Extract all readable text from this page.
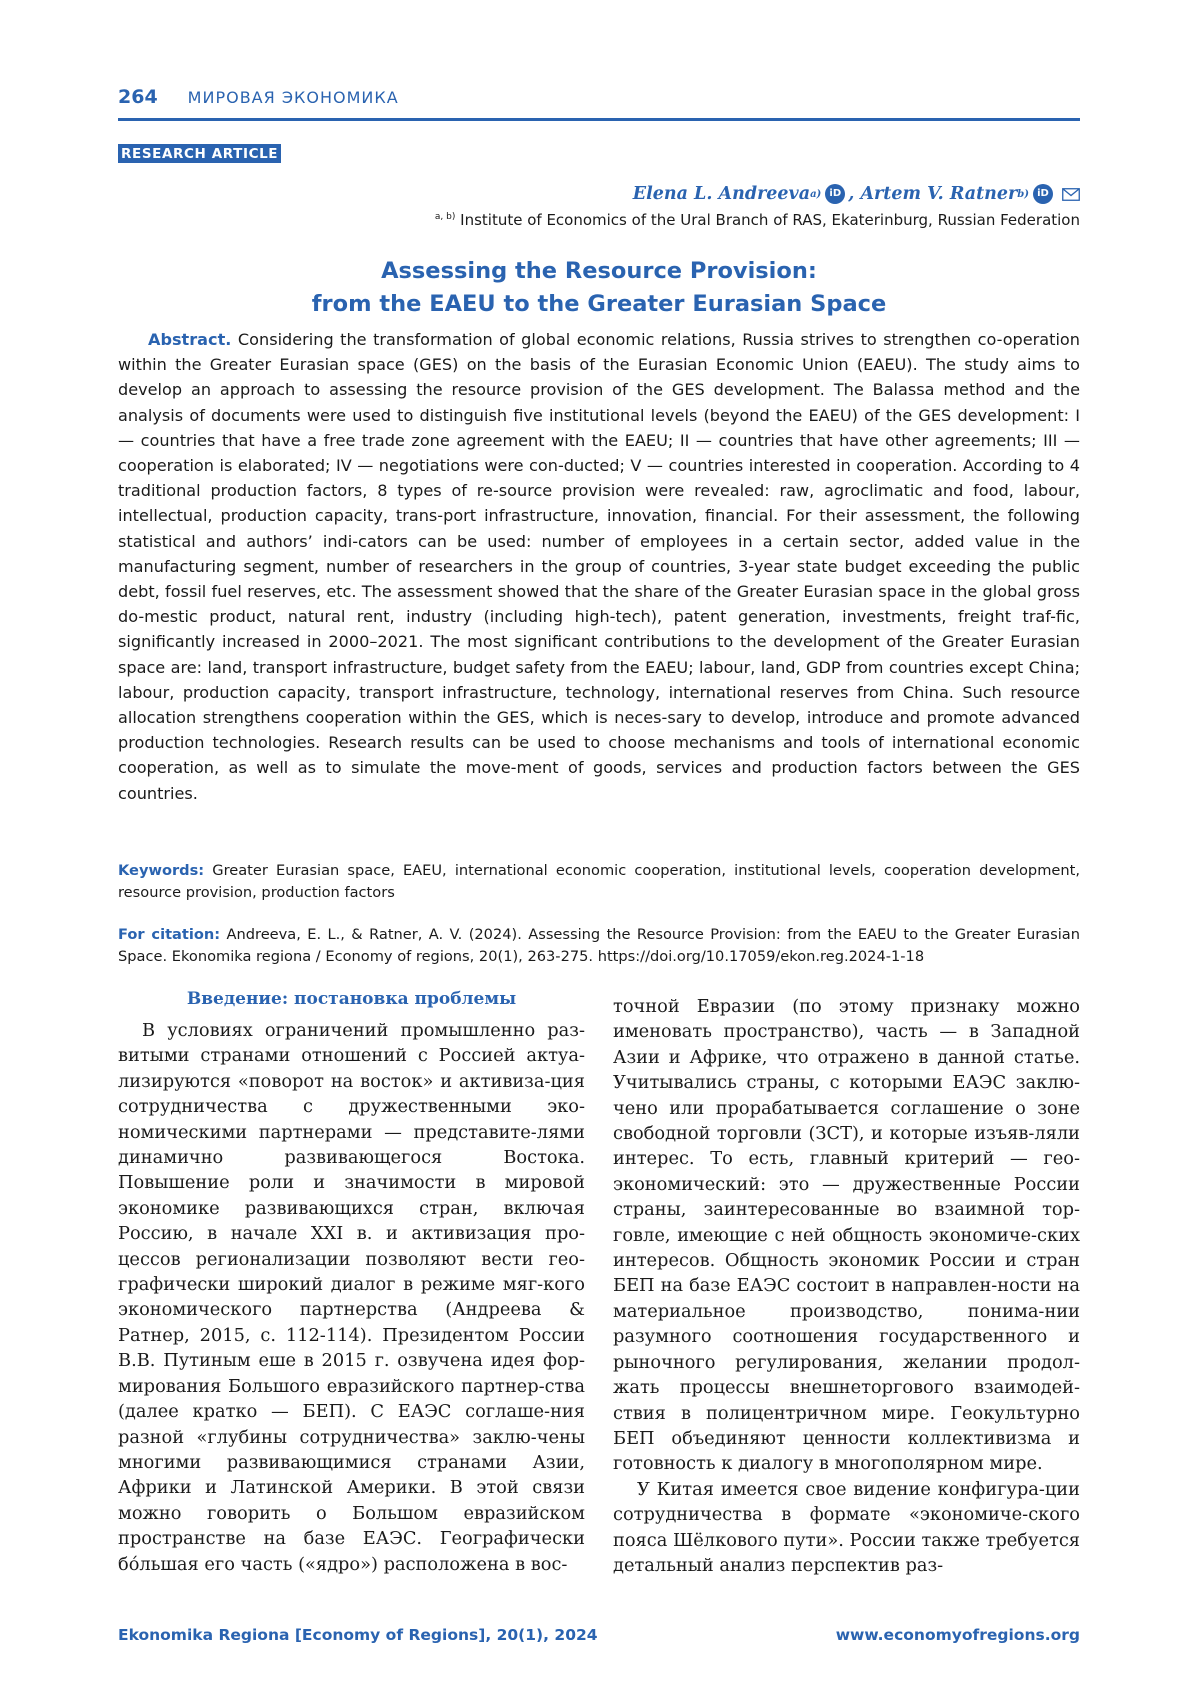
264 МИРОВАЯ ЭКОНОМИКА
RESEARCH ARTICLE
Elena L. Andreeva a) iD , Artem V. Ratner b) iD
$^{a, b)}$ Institute of Economics of the Ural Branch of RAS, Ekaterinburg, Russian Federation
Assessing the Resource Provision:
from the EAEU to the Greater Eurasian Space

Abstract. Considering the transformation of global economic relations, Russia strives to strengthen co-operation within the Greater Eurasian space (GES) on the basis of the Eurasian Economic Union (EAEU). The study aims to develop an approach to assessing the resource provision of the GES development. The Balassa method and the analysis of documents were used to distinguish five institutional levels (beyond the EAEU) of the GES development: I — countries that have a free trade zone agreement with the EAEU; II — countries that have other agreements; III — cooperation is elaborated; IV — negotiations were con-ducted; V — countries interested in cooperation. According to 4 traditional production factors, 8 types of re-source provision were revealed: raw, agroclimatic and food, labour, intellectual, production capacity, trans-port infrastructure, innovation, financial. For their assessment, the following statistical and authors’ indi-cators can be used: number of employees in a certain sector, added value in the manufacturing segment, number of researchers in the group of countries, 3-year state budget exceeding the public debt, fossil fuel reserves, etc. The assessment showed that the share of the Greater Eurasian space in the global gross do-mestic product, natural rent, industry (including high-tech), patent generation, investments, freight traf-fic, significantly increased in 2000–2021. The most significant contributions to the development of the Greater Eurasian space are: land, transport infrastructure, budget safety from the EAEU; labour, land, GDP from countries except China; labour, production capacity, transport infrastructure, technology, international reserves from China. Such resource allocation strengthens cooperation within the GES, which is neces-sary to develop, introduce and promote advanced production technologies. Research results can be used to choose mechanisms and tools of international economic cooperation, as well as to simulate the move-ment of goods, services and production factors between the GES countries.

Keywords: Greater Eurasian space, EAEU, international economic cooperation, institutional levels, cooperation development, resource provision, production factors

For citation: Andreeva, E. L., & Ratner, A. V. (2024). Assessing the Resource Provision: from the EAEU to the Greater Eurasian Space. Ekonomika regiona / Economy of regions, 20(1), 263-275. https://doi.org/10.17059/ekon.reg.2024-1-18

Введение: постановка проблемы

В условиях ограничений промышленно раз-витыми странами отношений с Россией актуа-лизируются «поворот на восток» и активиза-ция сотрудничества с дружественными эко-номическими партнерами — представите-лями динамично развивающегося Востока. Повышение роли и значимости в мировой экономике развивающихся стран, включая Россию, в начале XXI в. и активизация про-цессов регионализации позволяют вести гео-графически широкий диалог в режиме мяг-кого экономического партнерства (Андреева & Ратнер, 2015, с. 112-114). Президентом России В.В. Путиным еше в 2015 г. озвучена идея фор-мирования Большого евразийского партнер-ства (далее кратко — БЕП). С ЕАЭС соглаше-ния разной «глубины сотрудничества» заклю-чены многими развивающимися странами Азии, Африки и Латинской Америки. В этой связи можно говорить о Большом евразийском пространстве на базе ЕАЭС. Географически бо́льшая его часть («ядро») расположена в вос-

точной Евразии (по этому признаку можно именовать пространство), часть — в Западной Азии и Африке, что отражено в данной статье. Учитывались страны, с которыми ЕАЭС заклю-чено или прорабатывается соглашение о зоне свободной торговли (ЗСТ), и которые изъяв-ляли интерес. То есть, главный критерий — гео-экономический: это — дружественные России страны, заинтересованные во взаимной тор-говле, имеющие с ней общность экономиче-ских интересов. Общность экономик России и стран БЕП на базе ЕАЭС состоит в направлен-ности на материальное производство, понима-нии разумного соотношения государственного и рыночного регулирования, желании продол-жать процессы внешнеторгового взаимодей-ствия в полицентричном мире. Геокультурно БЕП объединяют ценности коллективизма и готовность к диалогу в многополярном мире.

У Китая имеется свое видение конфигура-ции сотрудничества в формате «экономиче-ского пояса Шёлкового пути». России также требуется детальный анализ перспектив раз-

Ekonomika Regiona [Economy of Regions], 20(1), 2024	www.economyofregions.org
